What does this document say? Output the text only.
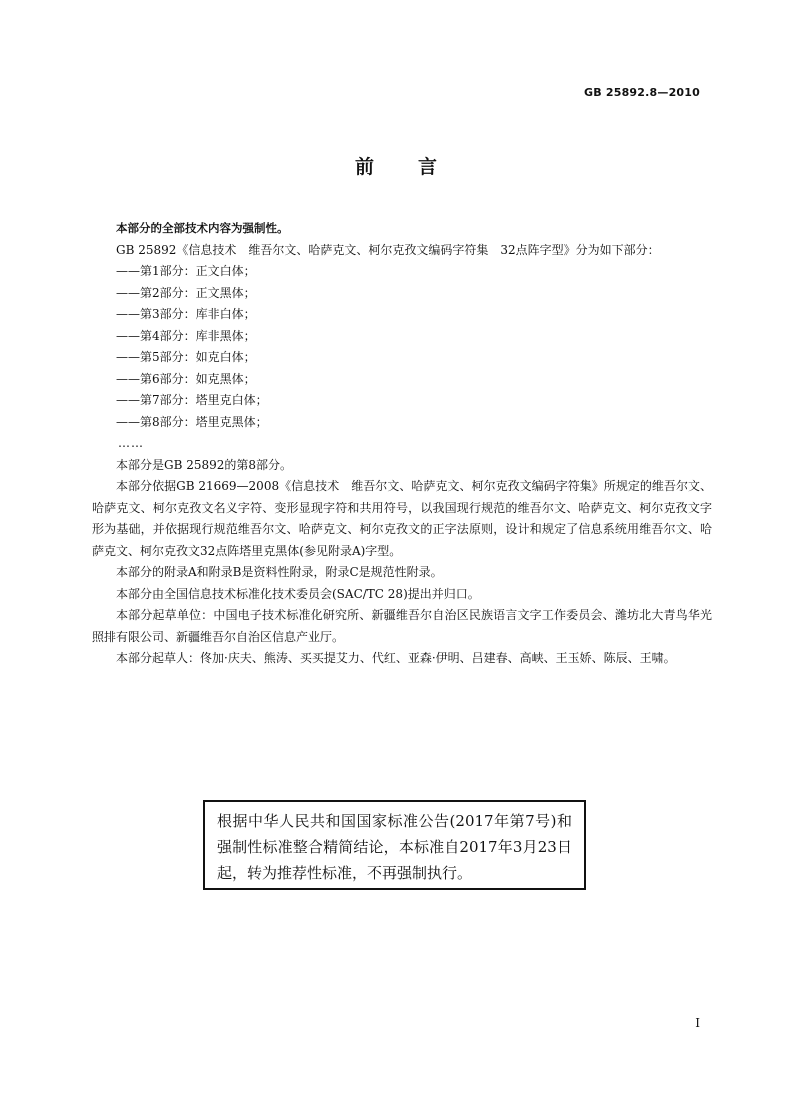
GB 25892.8—2010
前言

本部分的全部技术内容为强制性。

GB 25892《信息技术　维吾尔文、哈萨克文、柯尔克孜文编码字符集　32点阵字型》分为如下部分：

——第1部分：正文白体；
——第2部分：正文黑体；
——第3部分：库非白体；
——第4部分：库非黑体；
——第5部分：如克白体；
——第6部分：如克黑体；
——第7部分：塔里克白体；
——第8部分：塔里克黑体；

……

本部分是GB 25892的第8部分。

本部分依据GB 21669—2008《信息技术　维吾尔文、哈萨克文、柯尔克孜文编码字符集》所规定的维吾尔文、哈萨克文、柯尔克孜文名义字符、变形显现字符和共用符号，以我国现行规范的维吾尔文、哈萨克文、柯尔克孜文字形为基础，并依据现行规范维吾尔文、哈萨克文、柯尔克孜文的正字法原则，设计和规定了信息系统用维吾尔文、哈萨克文、柯尔克孜文32点阵塔里克黑体(参见附录A)字型。

本部分的附录A和附录B是资料性附录，附录C是规范性附录。

本部分由全国信息技术标准化技术委员会(SAC/TC 28)提出并归口。

本部分起草单位：中国电子技术标准化研究所、新疆维吾尔自治区民族语言文字工作委员会、潍坊北大青鸟华光照排有限公司、新疆维吾尔自治区信息产业厅。

本部分起草人：佟加·庆夫、熊涛、买买提艾力、代红、亚森·伊明、吕建春、高峡、王玉娇、陈辰、王啸。

根据中华人民共和国国家标准公告(2017年第7号)和强制性标准整合精简结论，本标准自2017年3月23日起，转为推荐性标准，不再强制执行。
I
